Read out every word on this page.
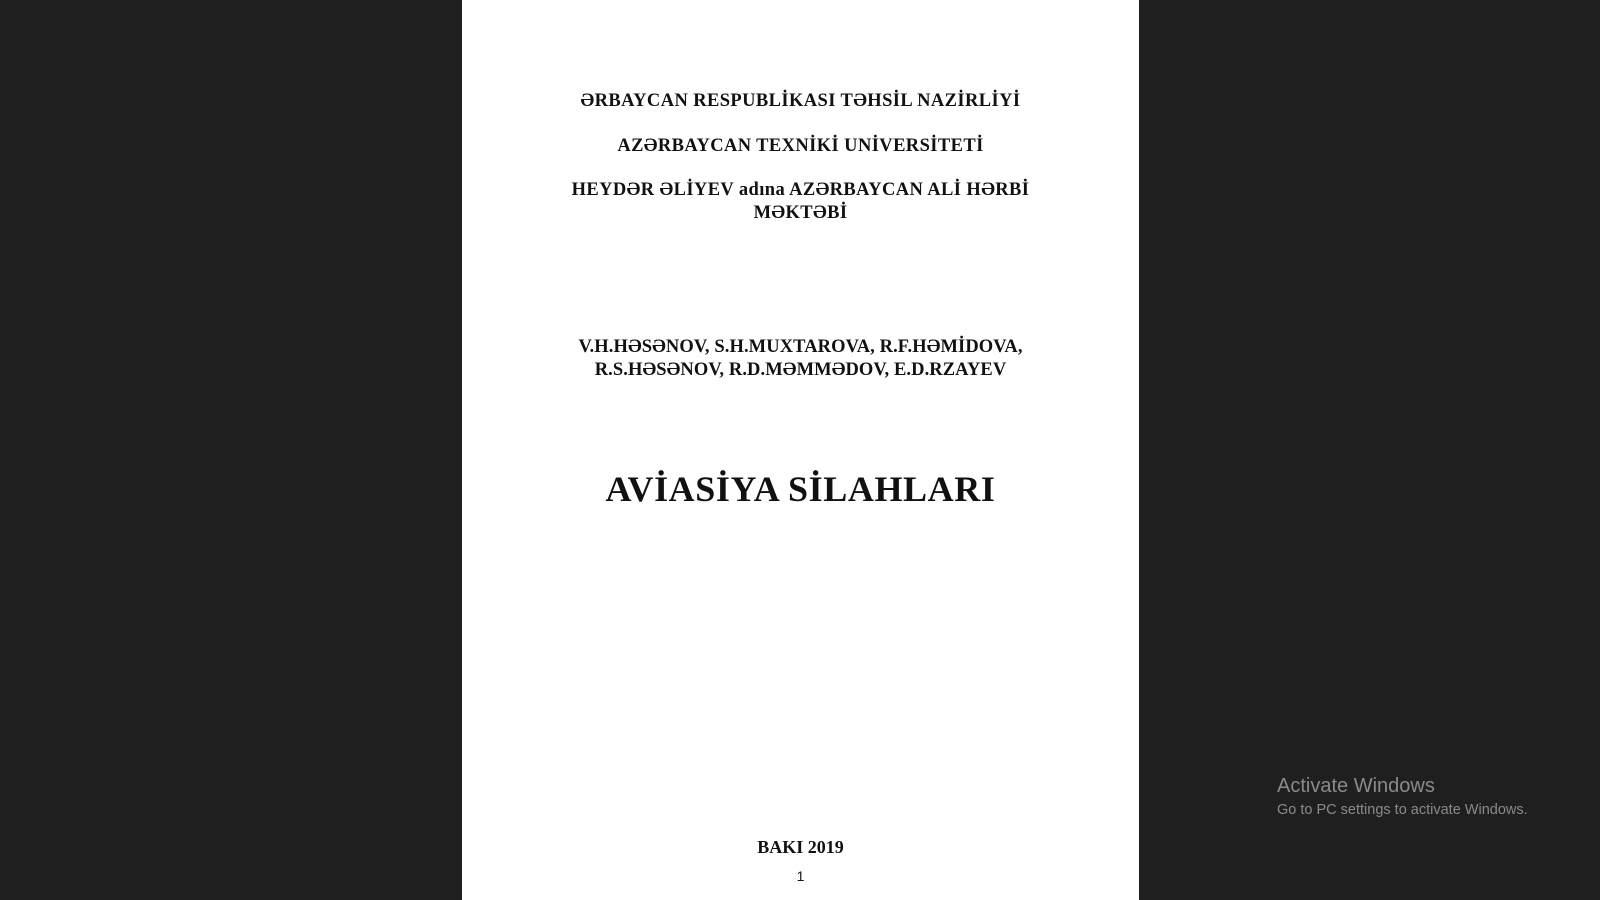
ƏRBAYCAN RESPUBLİKASI TƏHSİL NAZİRLİYİ
AZƏRBAYCAN TEXNİKİ UNİVERSİTETİ
HEYDƏR ƏLİYEV adına AZƏRBAYCAN ALİ HƏRBİ
MƏKTƏBİ
V.H.HƏSƏNOV, S.H.MUXTAROVA, R.F.HƏMİDOVA,
R.S.HƏSƏNOV, R.D.MƏMMƏDOV, E.D.RZAYEV
AVİASİYA SİLAHLARI
BAKI 2019
1
Activate Windows
Go to PC settings to activate Windows.
